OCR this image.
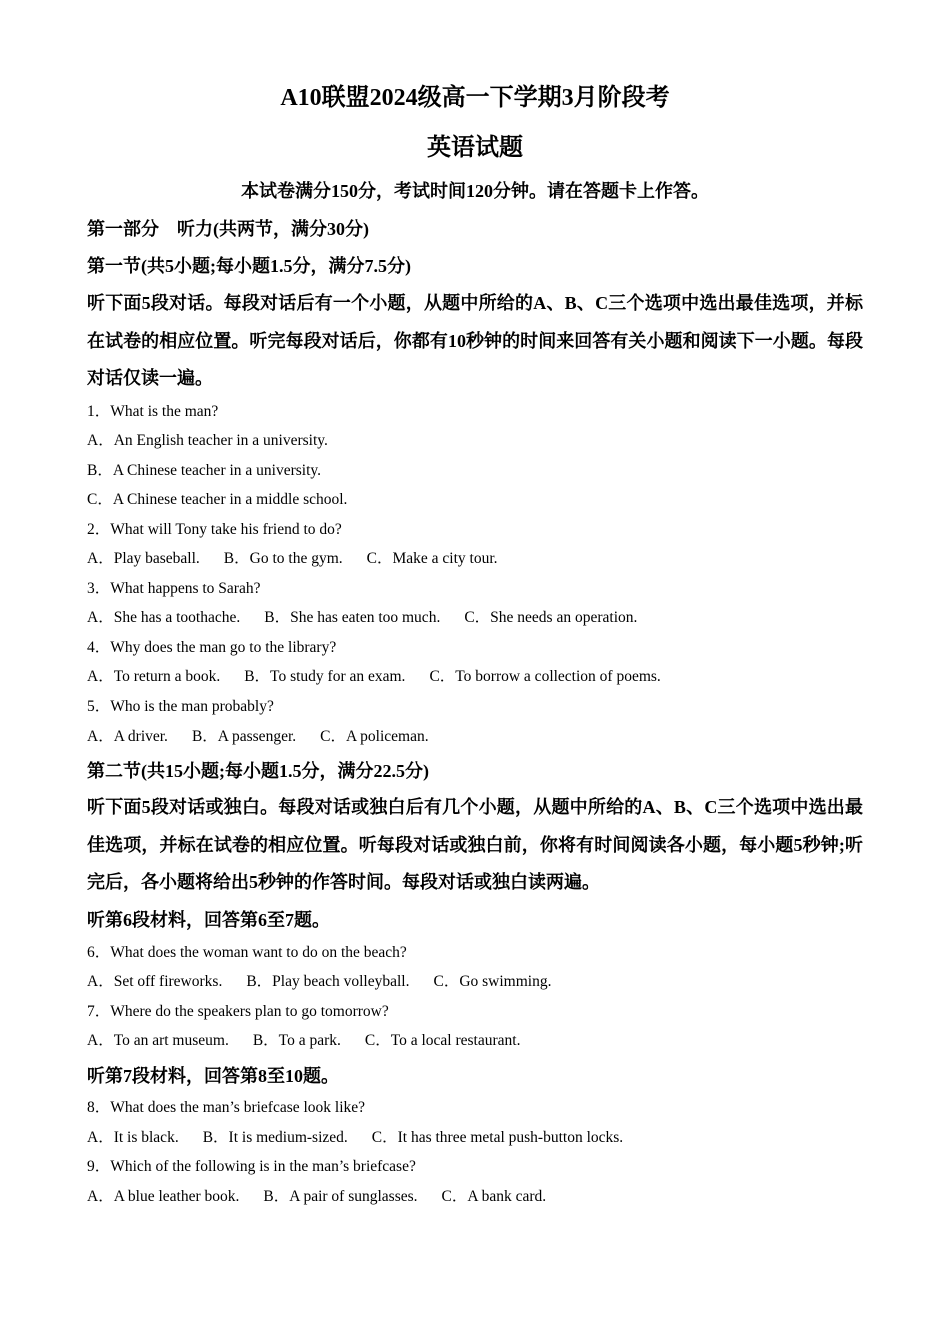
A10联盟2024级高一下学期3月阶段考
英语试题
本试卷满分150分，考试时间120分钟。请在答题卡上作答。
第一部分　听力(共两节，满分30分)
第一节(共5小题;每小题1.5分，满分7.5分)
听下面5段对话。每段对话后有一个小题，从题中所给的A、B、C三个选项中选出最佳选项，并标在试卷的相应位置。听完每段对话后，你都有10秒钟的时间来回答有关小题和阅读下一小题。每段对话仅读一遍。
1．What is the man?
A．An English teacher in a university.
B．A Chinese teacher in a university.
C．A Chinese teacher in a middle school.
2．What will Tony take his friend to do?
A．Play baseball. B．Go to the gym. C．Make a city tour.
3．What happens to Sarah?
A．She has a toothache. B．She has eaten too much. C．She needs an operation.
4．Why does the man go to the library?
A．To return a book. B．To study for an exam. C．To borrow a collection of poems.
5．Who is the man probably?
A．A driver. B．A passenger. C．A policeman.
第二节(共15小题;每小题1.5分，满分22.5分)
听下面5段对话或独白。每段对话或独白后有几个小题，从题中所给的A、B、C三个选项中选出最佳选项，并标在试卷的相应位置。听每段对话或独白前，你将有时间阅读各小题，每小题5秒钟;听完后，各小题将给出5秒钟的作答时间。每段对话或独白读两遍。
听第6段材料，回答第6至7题。
6．What does the woman want to do on the beach?
A．Set off fireworks. B．Play beach volleyball. C．Go swimming.
7．Where do the speakers plan to go tomorrow?
A．To an art museum. B．To a park. C．To a local restaurant.
听第7段材料，回答第8至10题。
8．What does the man’s briefcase look like?
A．It is black. B．It is medium-sized. C．It has three metal push-button locks.
9．Which of the following is in the man’s briefcase?
A．A blue leather book. B．A pair of sunglasses. C．A bank card.
